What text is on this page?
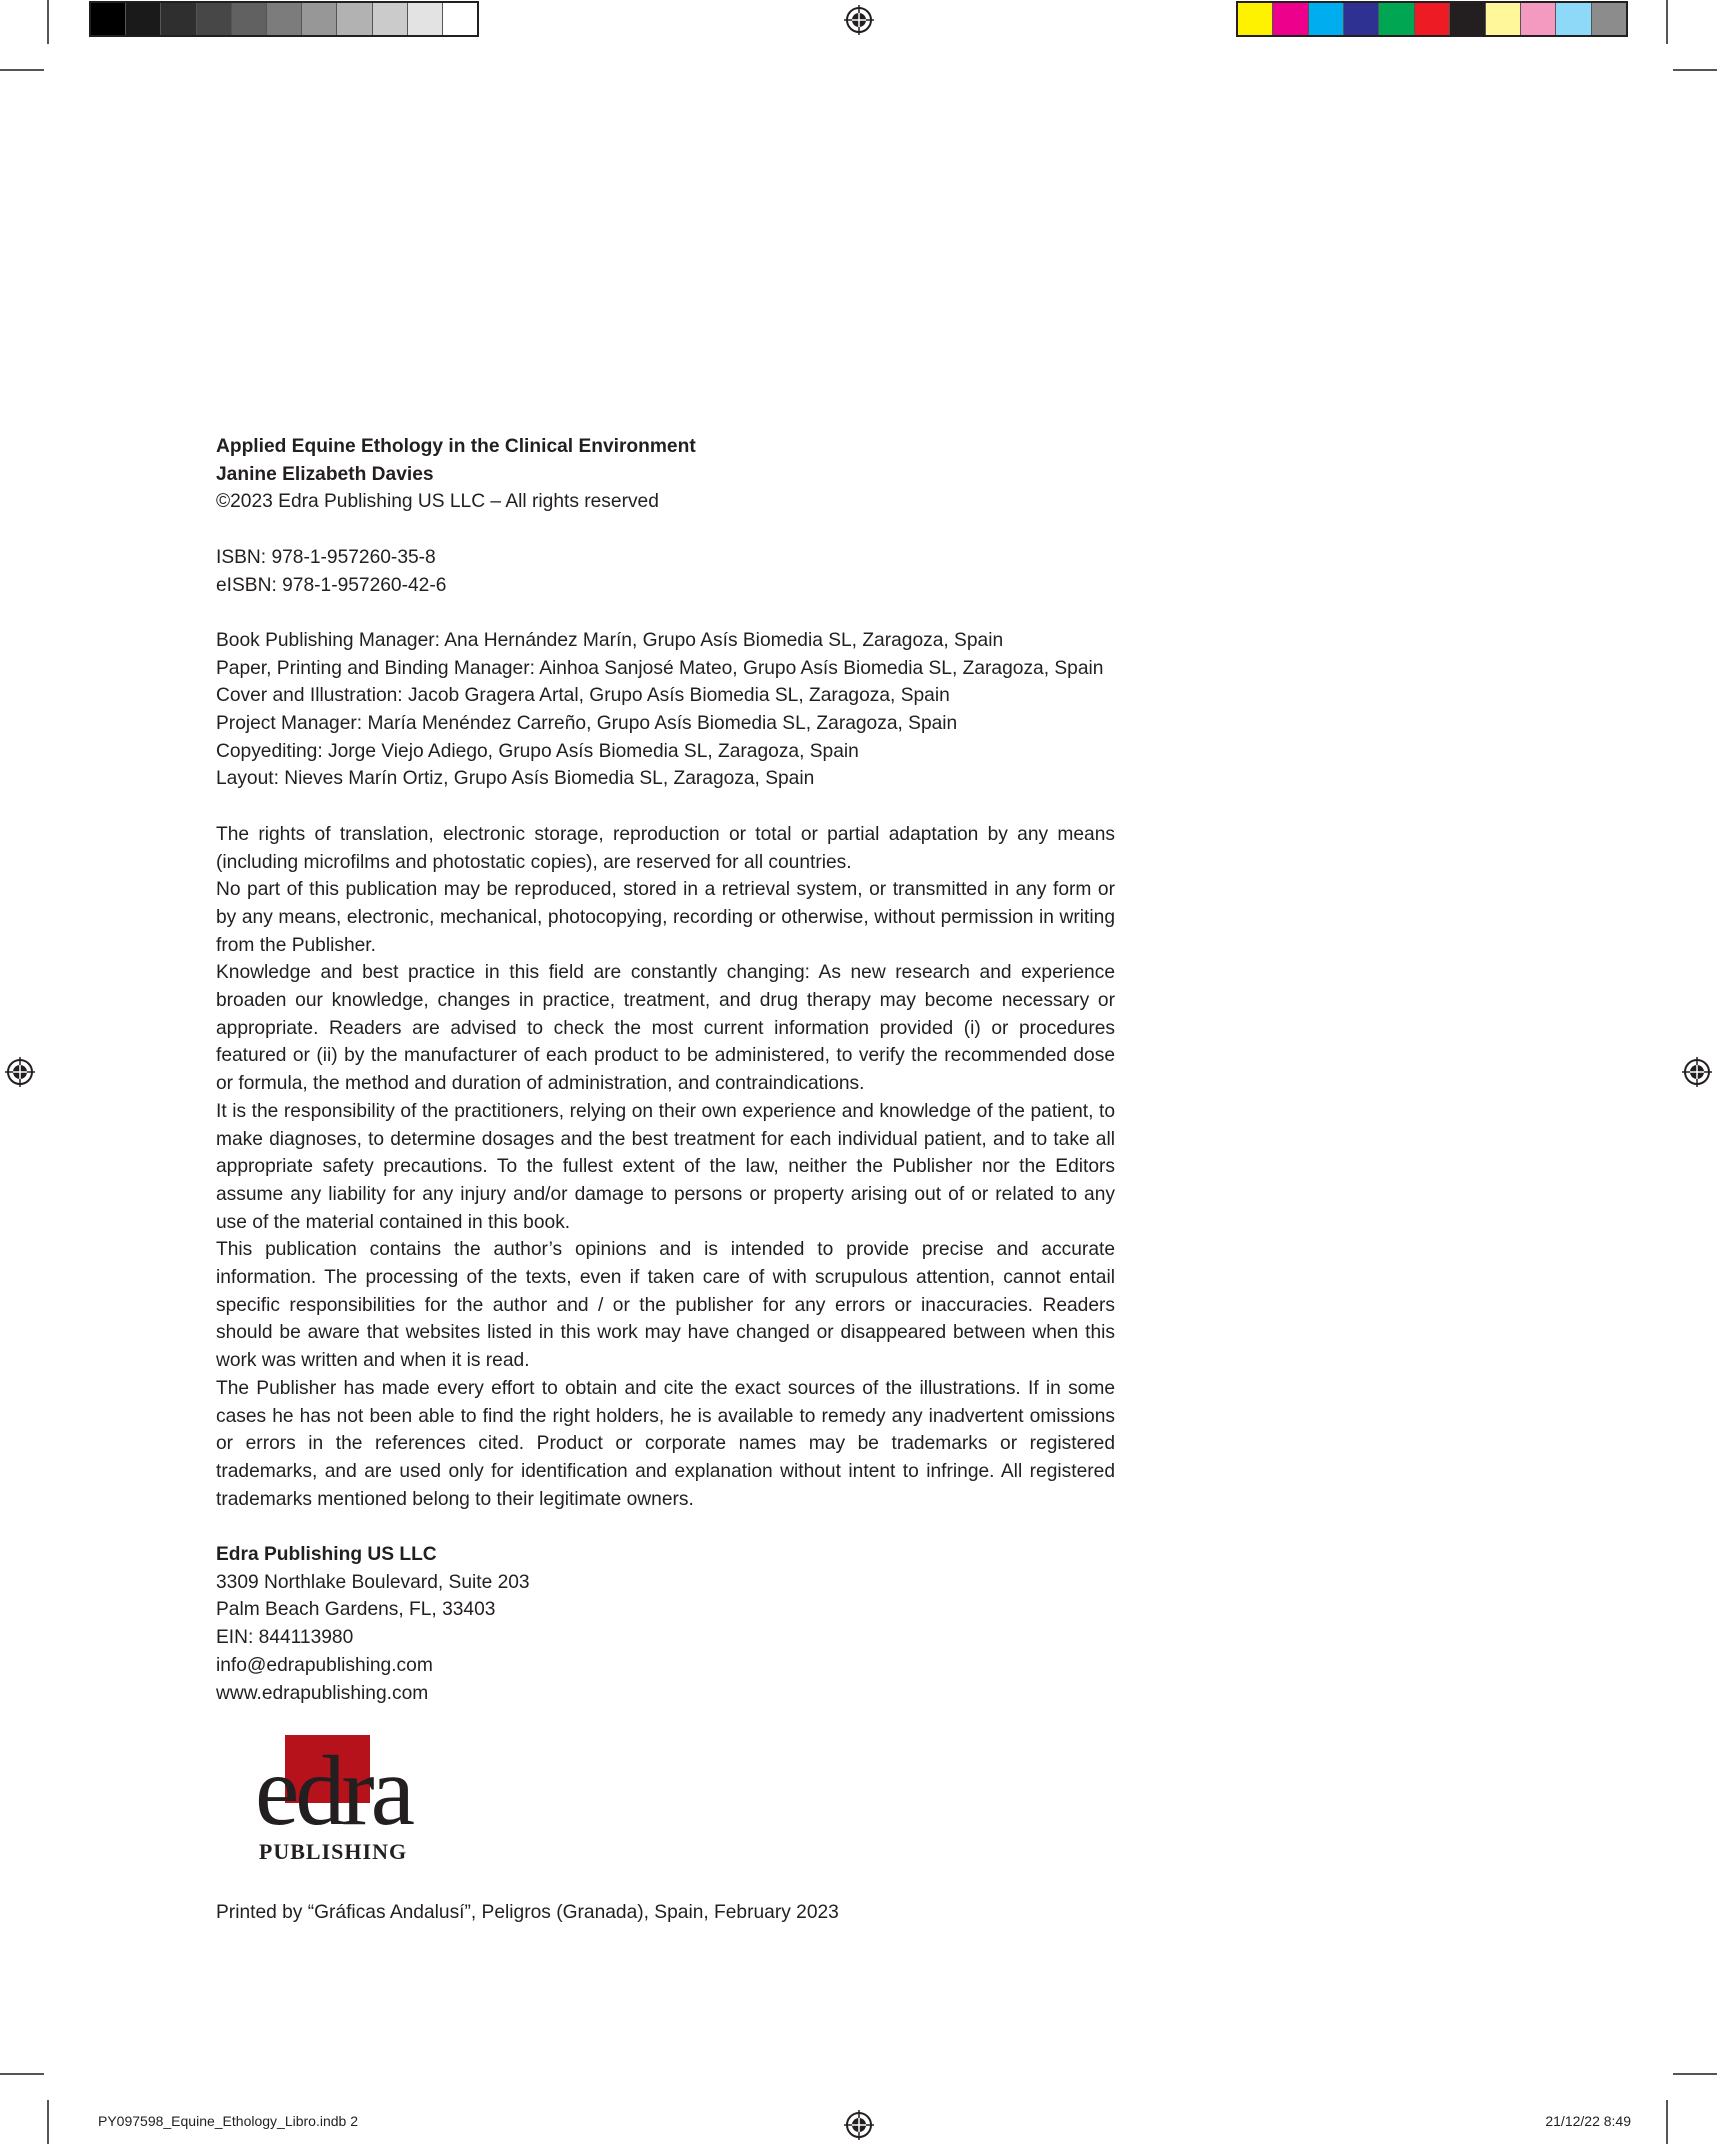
Applied Equine Ethology in the Clinical Environment

Janine Elizabeth Davies

©2023 Edra Publishing US LLC – All rights reserved

ISBN: 978-1-957260-35-8

eISBN: 978-1-957260-42-6

Book Publishing Manager: Ana Hernández Marín, Grupo Asís Biomedia SL, Zaragoza, Spain

Paper, Printing and Binding Manager: Ainhoa Sanjosé Mateo, Grupo Asís Biomedia SL, Zaragoza, Spain

Cover and Illustration: Jacob Gragera Artal, Grupo Asís Biomedia SL, Zaragoza, Spain

Project Manager: María Menéndez Carreño, Grupo Asís Biomedia SL, Zaragoza, Spain

Copyediting: Jorge Viejo Adiego, Grupo Asís Biomedia SL, Zaragoza, Spain

Layout: Nieves Marín Ortiz, Grupo Asís Biomedia SL, Zaragoza, Spain

The rights of translation, electronic storage, reproduction or total or partial adaptation by any means (including microfilms and photostatic copies), are reserved for all countries.

No part of this publication may be reproduced, stored in a retrieval system, or transmitted in any form or by any means, electronic, mechanical, photocopying, recording or otherwise, without permission in writing from the Publisher.

Knowledge and best practice in this field are constantly changing: As new research and experience broaden our knowledge, changes in practice, treatment, and drug therapy may become necessary or appropriate. Readers are advised to check the most current information provided (i) or procedures featured or (ii) by the manufacturer of each product to be administered, to verify the recommended dose or formula, the method and duration of administration, and contraindications.

It is the responsibility of the practitioners, relying on their own experience and knowledge of the patient, to make diagnoses, to determine dosages and the best treatment for each individual patient, and to take all appropriate safety precautions. To the fullest extent of the law, neither the Publisher nor the Editors assume any liability for any injury and/or damage to persons or property arising out of or related to any use of the material contained in this book.

This publication contains the author’s opinions and is intended to provide precise and accurate information. The processing of the texts, even if taken care of with scrupulous attention, cannot entail specific responsibilities for the author and / or the publisher for any errors or inaccuracies. Readers should be aware that websites listed in this work may have changed or disappeared between when this work was written and when it is read.

The Publisher has made every effort to obtain and cite the exact sources of the illustrations. If in some cases he has not been able to find the right holders, he is available to remedy any inadvertent omissions or errors in the references cited. Product or corporate names may be trademarks or registered trademarks, and are used only for identification and explanation without intent to infringe. All registered trademarks mentioned belong to their legitimate owners.

Edra Publishing US LLC

3309 Northlake Boulevard, Suite 203

Palm Beach Gardens, FL, 33403

EIN: 844113980

info@edrapublishing.com

www.edrapublishing.com

edra
PUBLISHING

Printed by “Gráficas Andalusí”, Peligros (Granada), Spain, February 2023

PY097598_Equine_Ethology_Libro.indb 2	21/12/22 8:49
